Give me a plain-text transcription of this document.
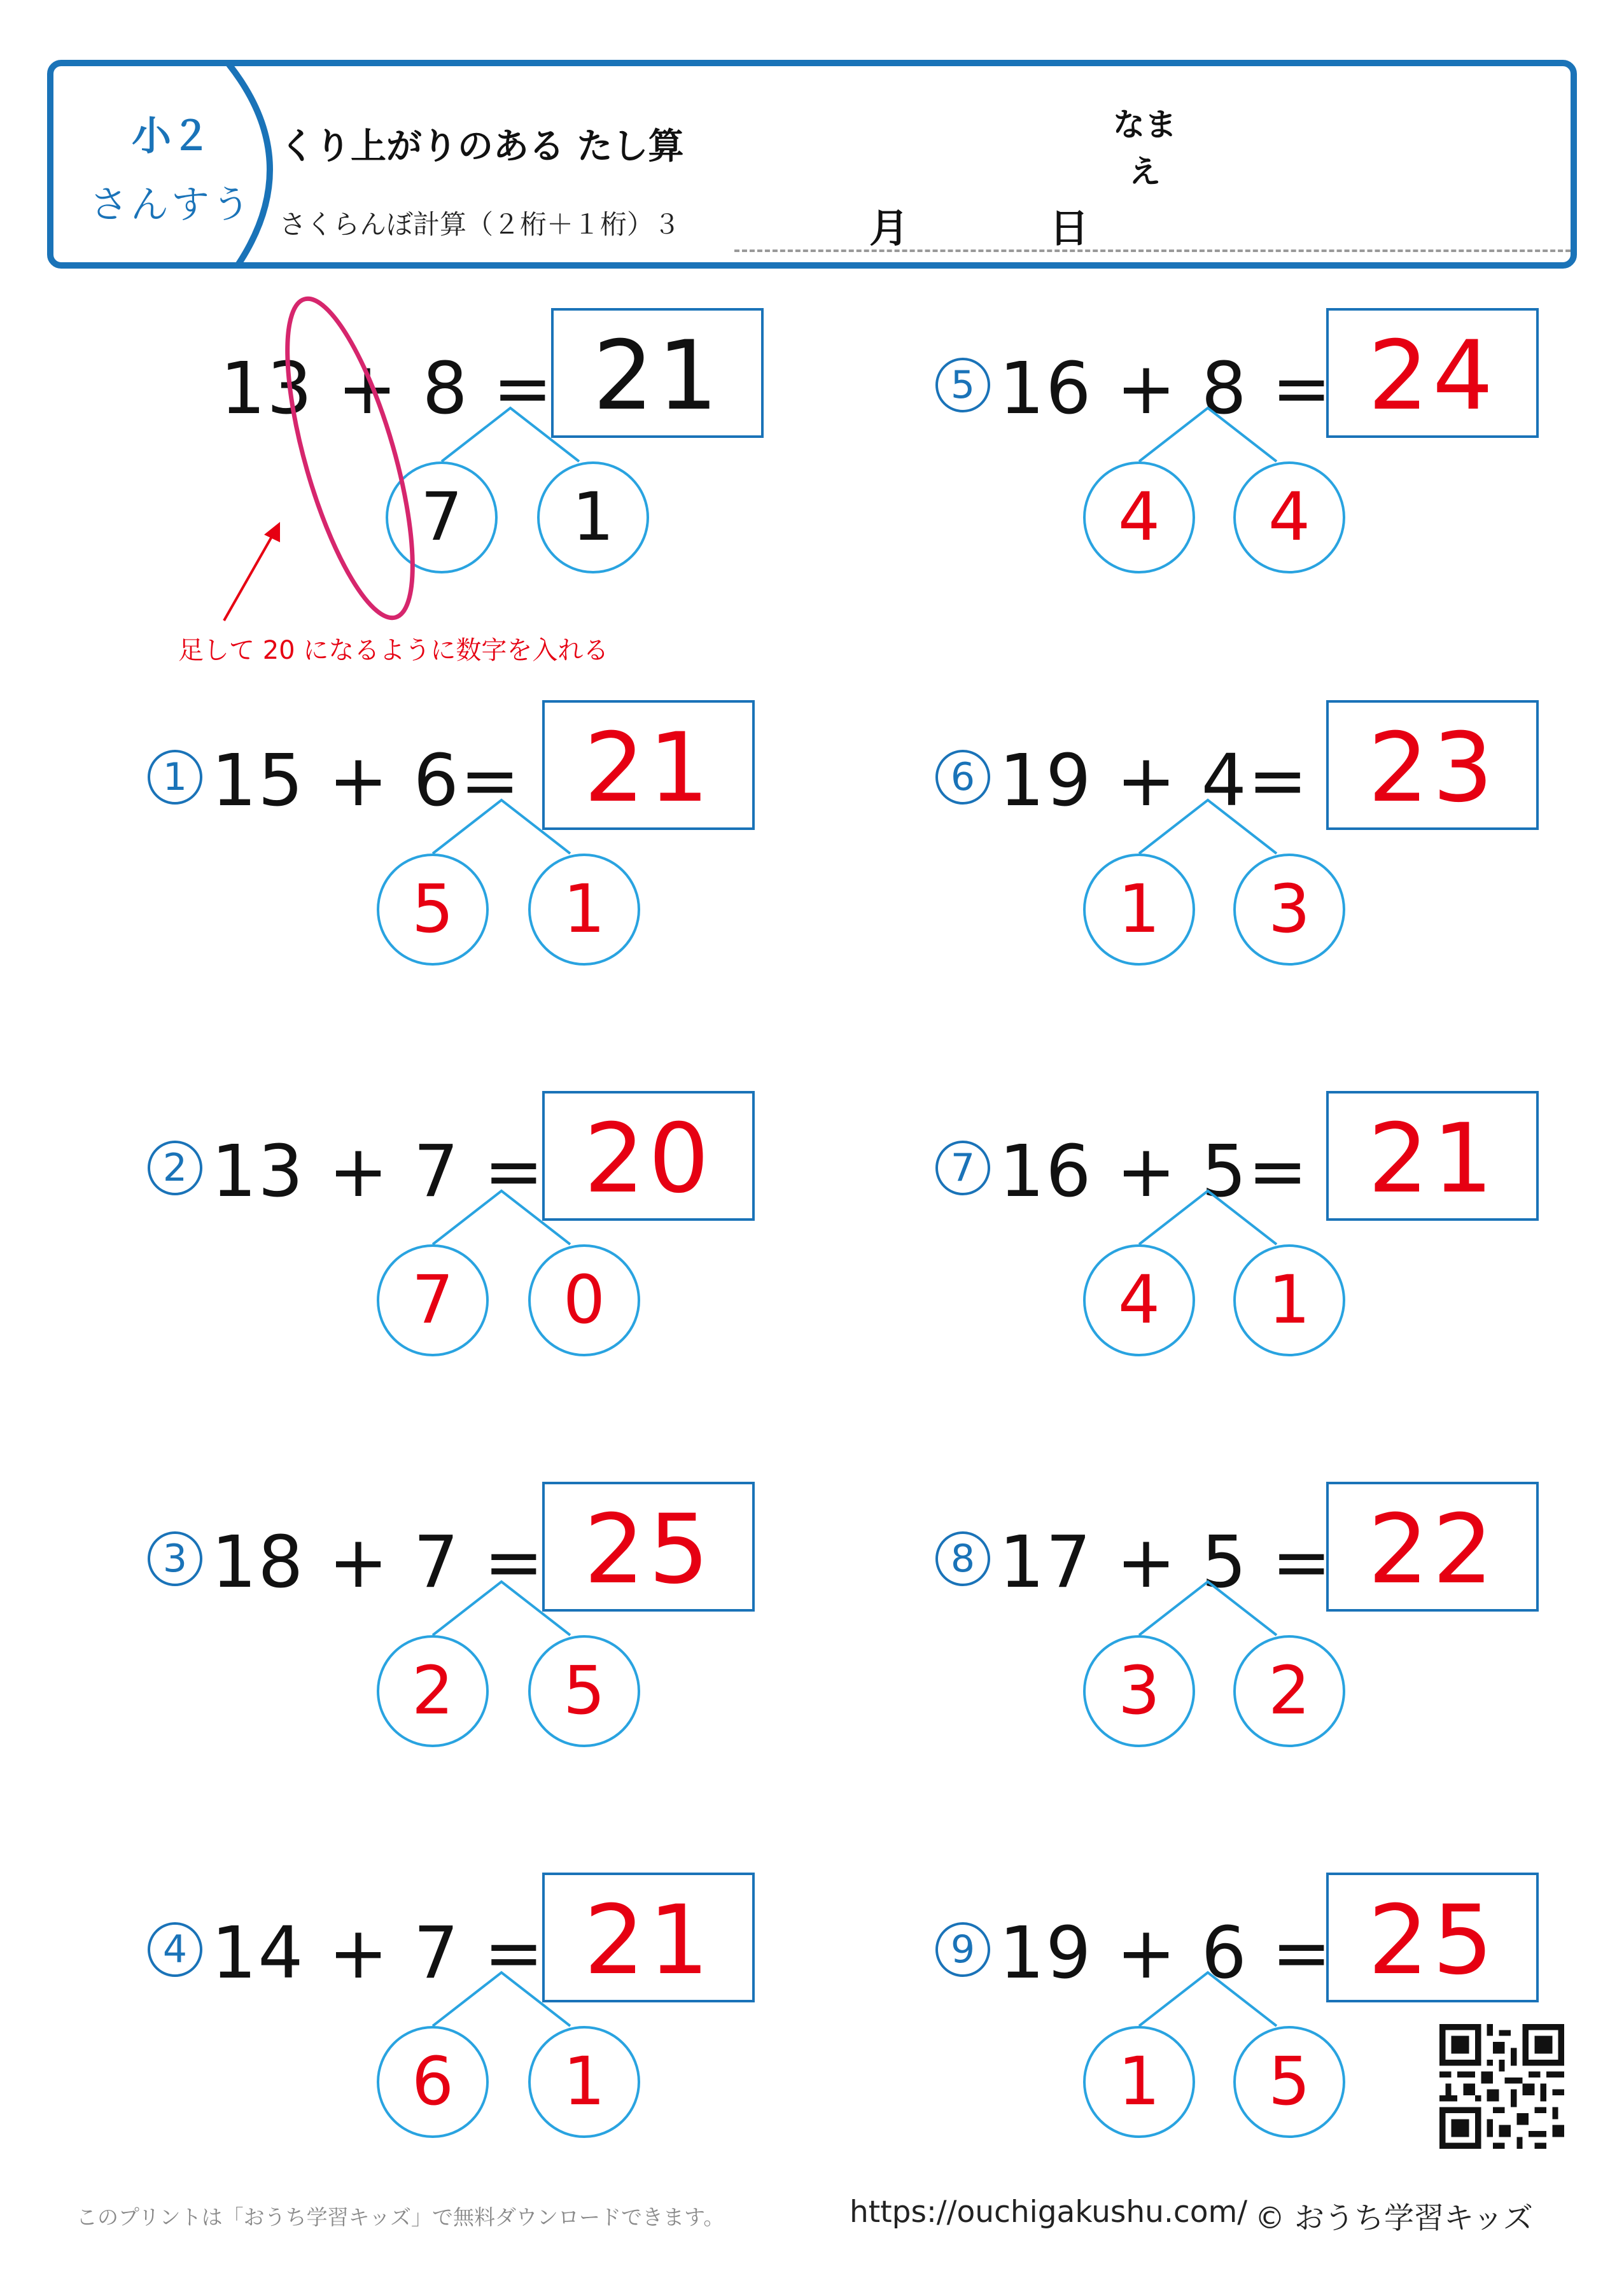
小２
さんすう
くり上がりのある たし算
さくらんぼ計算（２桁＋１桁）３	月	日
なまえ
13 + 8 = 21
7	1
足して 20 になるように数字を入れる
1 15 + 6= 21
5	1
2 13 + 7 = 20
7	0
3 18 + 7 = 25
2	5
4 14 + 7 = 21
6	1
5 16 + 8 = 24
4	4
6 19 + 4= 23
1	3
7 16 + 5= 21
4	1
8 17 + 5 = 22
3	2
9 19 + 6 = 25
1	5
このプリントは「おうち学習キッズ」で無料ダウンロードできます。	https://ouchigakushu.com/ © おうち学習キッズ
